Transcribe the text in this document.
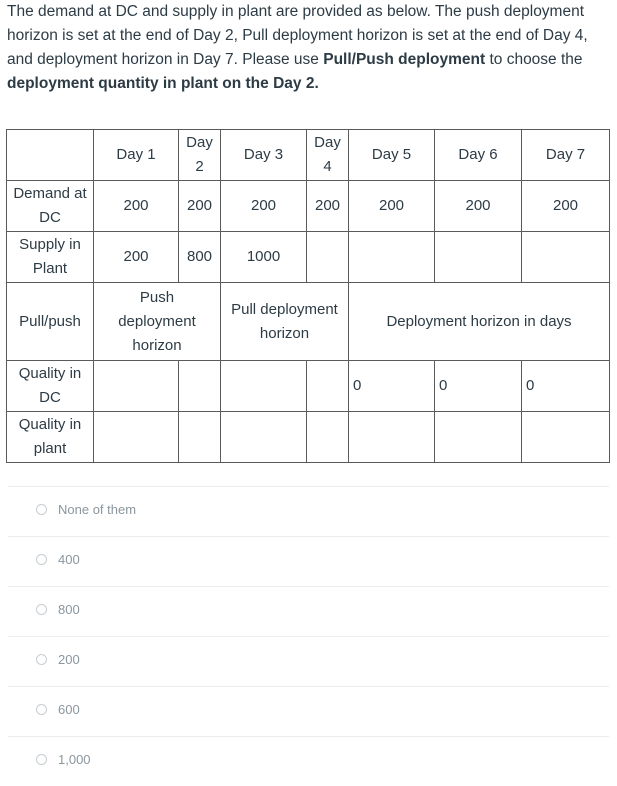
The demand at DC and supply in plant are provided as below. The push deployment horizon is set at the end of Day 2, Pull deployment horizon is set at the end of Day 4, and deployment horizon in Day 7. Please use Pull/Push deployment to choose the deployment quantity in plant on the Day 2.
	Day 1	Day 2	Day 3	Day 4	Day 5	Day 6	Day 7
Demand at DC	200	200	200	200	200	200	200
Supply in Plant	200	800	1000				
Pull/push	Push deployment horizon		Pull deployment horizon		Deployment horizon in days		
Quality in DC					0	0	0
Quality in plant							
None of them
400
800
200
600
1,000
